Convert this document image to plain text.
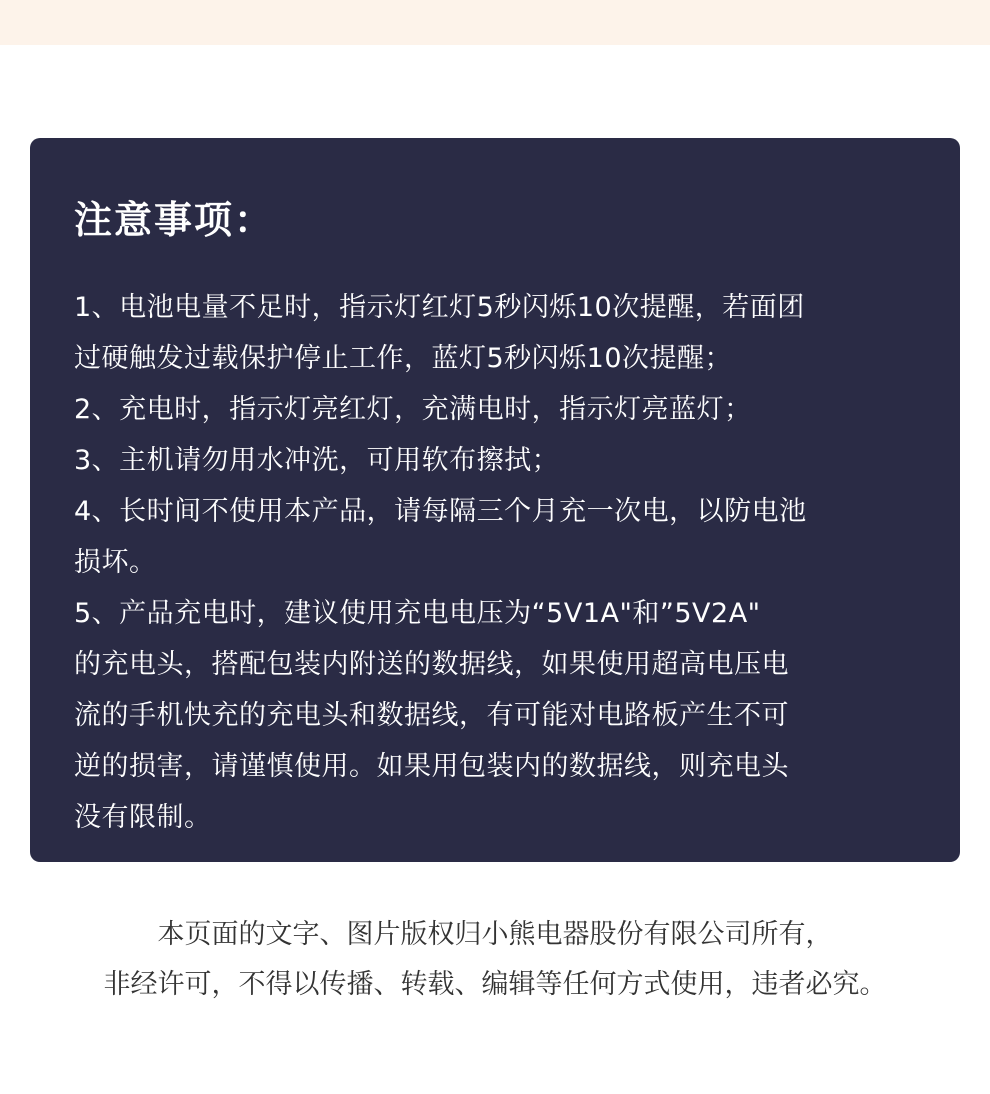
注意事项：
1、电池电量不足时，指示灯红灯5秒闪烁10次提醒，若面团
过硬触发过载保护停止工作，蓝灯5秒闪烁10次提醒；
2、充电时，指示灯亮红灯，充满电时，指示灯亮蓝灯；
3、主机请勿用水冲洗，可用软布擦拭；
4、长时间不使用本产品，请每隔三个月充一次电，以防电池
损坏。
5、产品充电时，建议使用充电电压为“5V1A"和”5V2A"
的充电头，搭配包装内附送的数据线，如果使用超高电压电
流的手机快充的充电头和数据线，有可能对电路板产生不可
逆的损害，请谨慎使用。如果用包装内的数据线，则充电头
没有限制。
本页面的文字、图片版权归小熊电器股份有限公司所有，
非经许可，不得以传播、转载、编辑等任何方式使用，违者必究。
